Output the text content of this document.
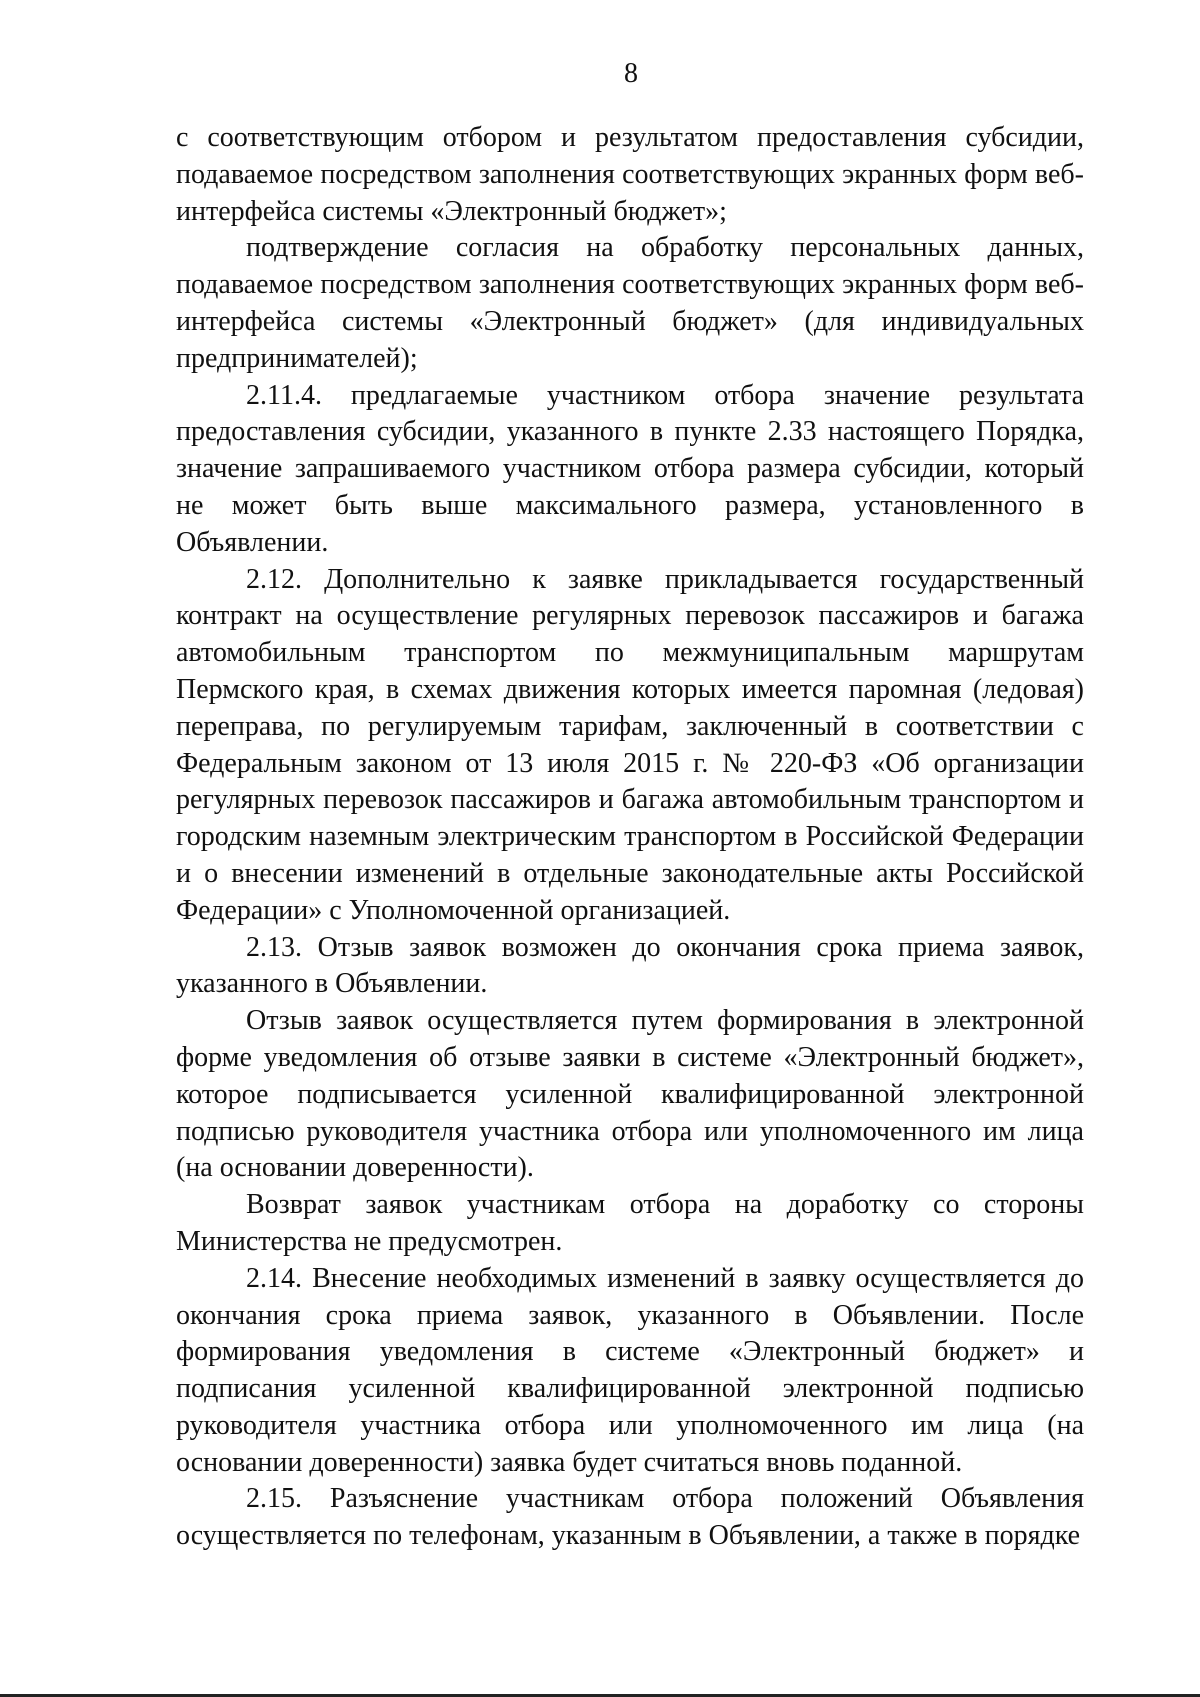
8

с соответствующим отбором и результатом предоставления субсидии, подаваемое посредством заполнения соответствующих экранных форм веб-интерфейса системы «Электронный бюджет»;

подтверждение согласия на обработку персональных данных, подаваемое посредством заполнения соответствующих экранных форм веб-интерфейса системы «Электронный бюджет» (для индивидуальных предпринимателей);

2.11.4. предлагаемые участником отбора значение результата предоставления субсидии, указанного в пункте 2.33 настоящего Порядка, значение запрашиваемого участником отбора размера субсидии, который не может быть выше максимального размера, установленного в Объявлении.

2.12. Дополнительно к заявке прикладывается государственный контракт на осуществление регулярных перевозок пассажиров и багажа автомобильным транспортом по межмуниципальным маршрутам Пермского края, в схемах движения которых имеется паромная (ледовая) переправа, по регулируемым тарифам, заключенный в соответствии с Федеральным законом от 13 июля 2015 г. № 220-ФЗ «Об организации регулярных перевозок пассажиров и багажа автомобильным транспортом и городским наземным электрическим транспортом в Российской Федерации и о внесении изменений в отдельные законодательные акты Российской Федерации» с Уполномоченной организацией.

2.13. Отзыв заявок возможен до окончания срока приема заявок, указанного в Объявлении.

Отзыв заявок осуществляется путем формирования в электронной форме уведомления об отзыве заявки в системе «Электронный бюджет», которое подписывается усиленной квалифицированной электронной подписью руководителя участника отбора или уполномоченного им лица (на основании доверенности).

Возврат заявок участникам отбора на доработку со стороны Министерства не предусмотрен.

2.14. Внесение необходимых изменений в заявку осуществляется до окончания срока приема заявок, указанного в Объявлении. После формирования уведомления в системе «Электронный бюджет» и подписания усиленной квалифицированной электронной подписью руководителя участника отбора или уполномоченного им лица (на основании доверенности) заявка будет считаться вновь поданной.

2.15. Разъяснение участникам отбора положений Объявления осуществляется по телефонам, указанным в Объявлении, а также в порядке
